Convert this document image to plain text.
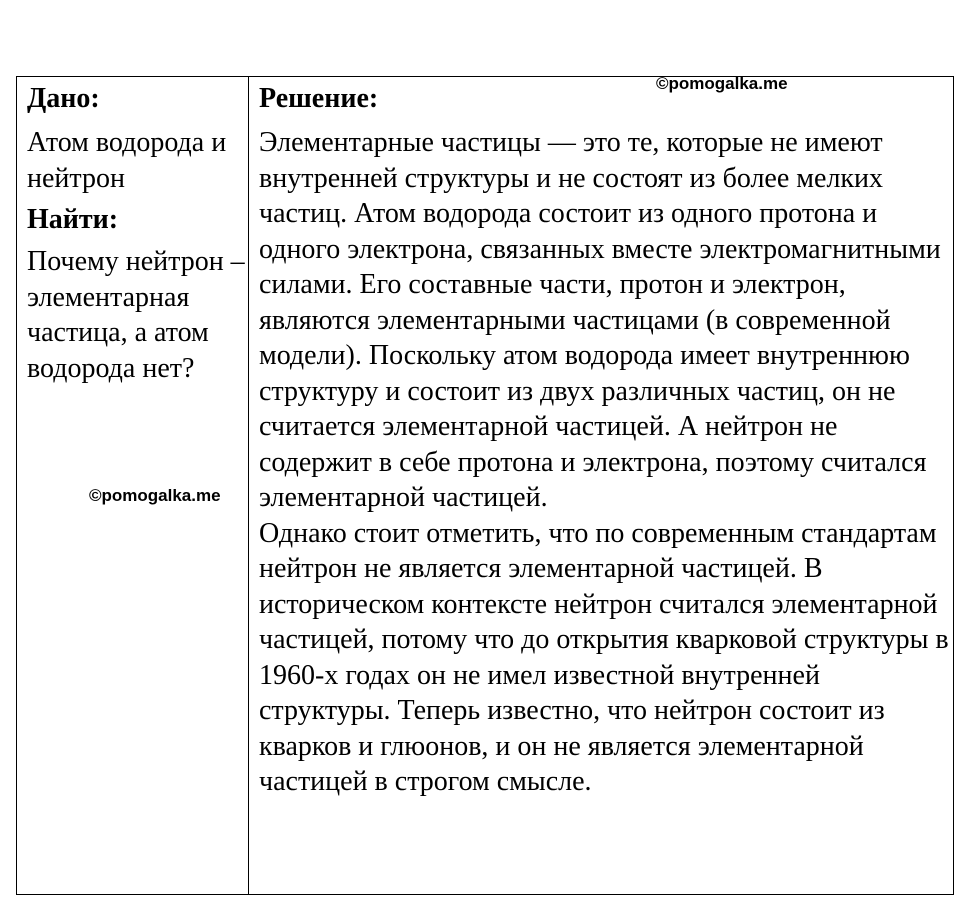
Дано:

Атом водорода и нейтрон

Найти:

Почему нейтрон – элементарная частица, а атом водорода нет?

Решение:

Элементарные частицы — это те, которые не имеют внутренней структуры и не состоят из более мелких частиц. Атом водорода состоит из одного протона и одного электрона, связанных вместе электромагнитными силами. Его составные части, протон и электрон, являются элементарными частицами (в современной модели). Поскольку атом водорода имеет внутреннюю структуру и состоит из двух различных частиц, он не считается элементарной частицей. А нейтрон не содержит в себе протона и электрона, поэтому считался элементарной частицей.

Однако стоит отметить, что по современным стандартам нейтрон не является элементарной частицей. В историческом контексте нейтрон считался элементарной частицей, потому что до открытия кварковой структуры в 1960-х годах он не имел известной внутренней структуры. Теперь известно, что нейтрон состоит из кварков и глюонов, и он не является элементарной частицей в строгом смысле.

©pomogalka.me
©pomogalka.me
